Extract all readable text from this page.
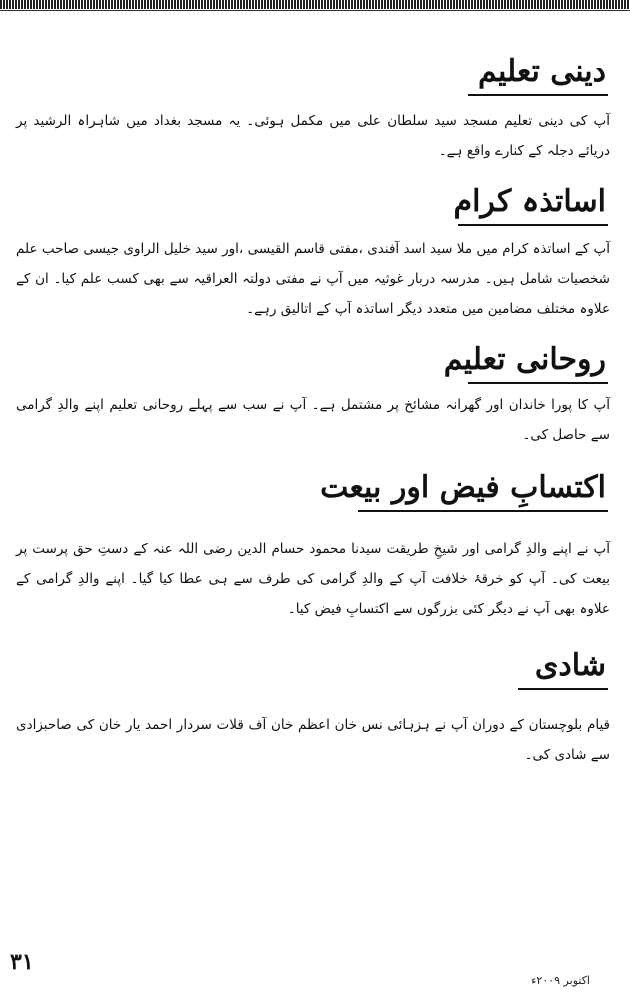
دینی تعلیم
آپ کی دینی تعلیم مسجد سید سلطان علی میں مکمل ہوئی۔ یہ مسجد بغداد میں شاہراہ الرشید پر دریائے دجلہ کے کنارے واقع ہے۔
اساتذہ کرام
آپ کے اساتذہ کرام میں ملا سید اسد آفندی ،مفتی قاسم القیسی ،اور سید خلیل الراوی جیسی صاحب علم شخصیات شامل ہیں۔ مدرسہ دربار غوثیہ میں آپ نے مفتی دولتہ العراقیہ سے بھی کسب علم کیا۔ ان کے علاوہ مختلف مضامین میں متعدد دیگر اساتذہ آپ کے اتالیق رہے۔
روحانی تعلیم
آپ کا پورا خاندان اور گھرانہ مشائخ پر مشتمل ہے۔ آپ نے سب سے پہلے روحانی تعلیم اپنے والدِ گرامی سے حاصل کی۔
اکتسابِ فیض اور بیعت
آپ نے اپنے والدِ گرامی اور شیخِ طریقت سیدنا محمود حسام الدین رضی اللہ عنہ کے دستِ حق پرست پر بیعت کی۔ آپ کو خرقۂ خلافت آپ کے والدِ گرامی کی طرف سے ہی عطا کیا گیا۔ اپنے والدِ گرامی کے علاوہ بھی آپ نے دیگر کئی بزرگوں سے اکتسابِ فیض کیا۔
شادی
قیام بلوچستان کے دوران آپ نے ہزہائی نس خان اعظم خان آف قلات سردار احمد یار خان کی صاحبزادی سے شادی کی۔
۳۱
اکتوبر ۲۰۰۹ء
